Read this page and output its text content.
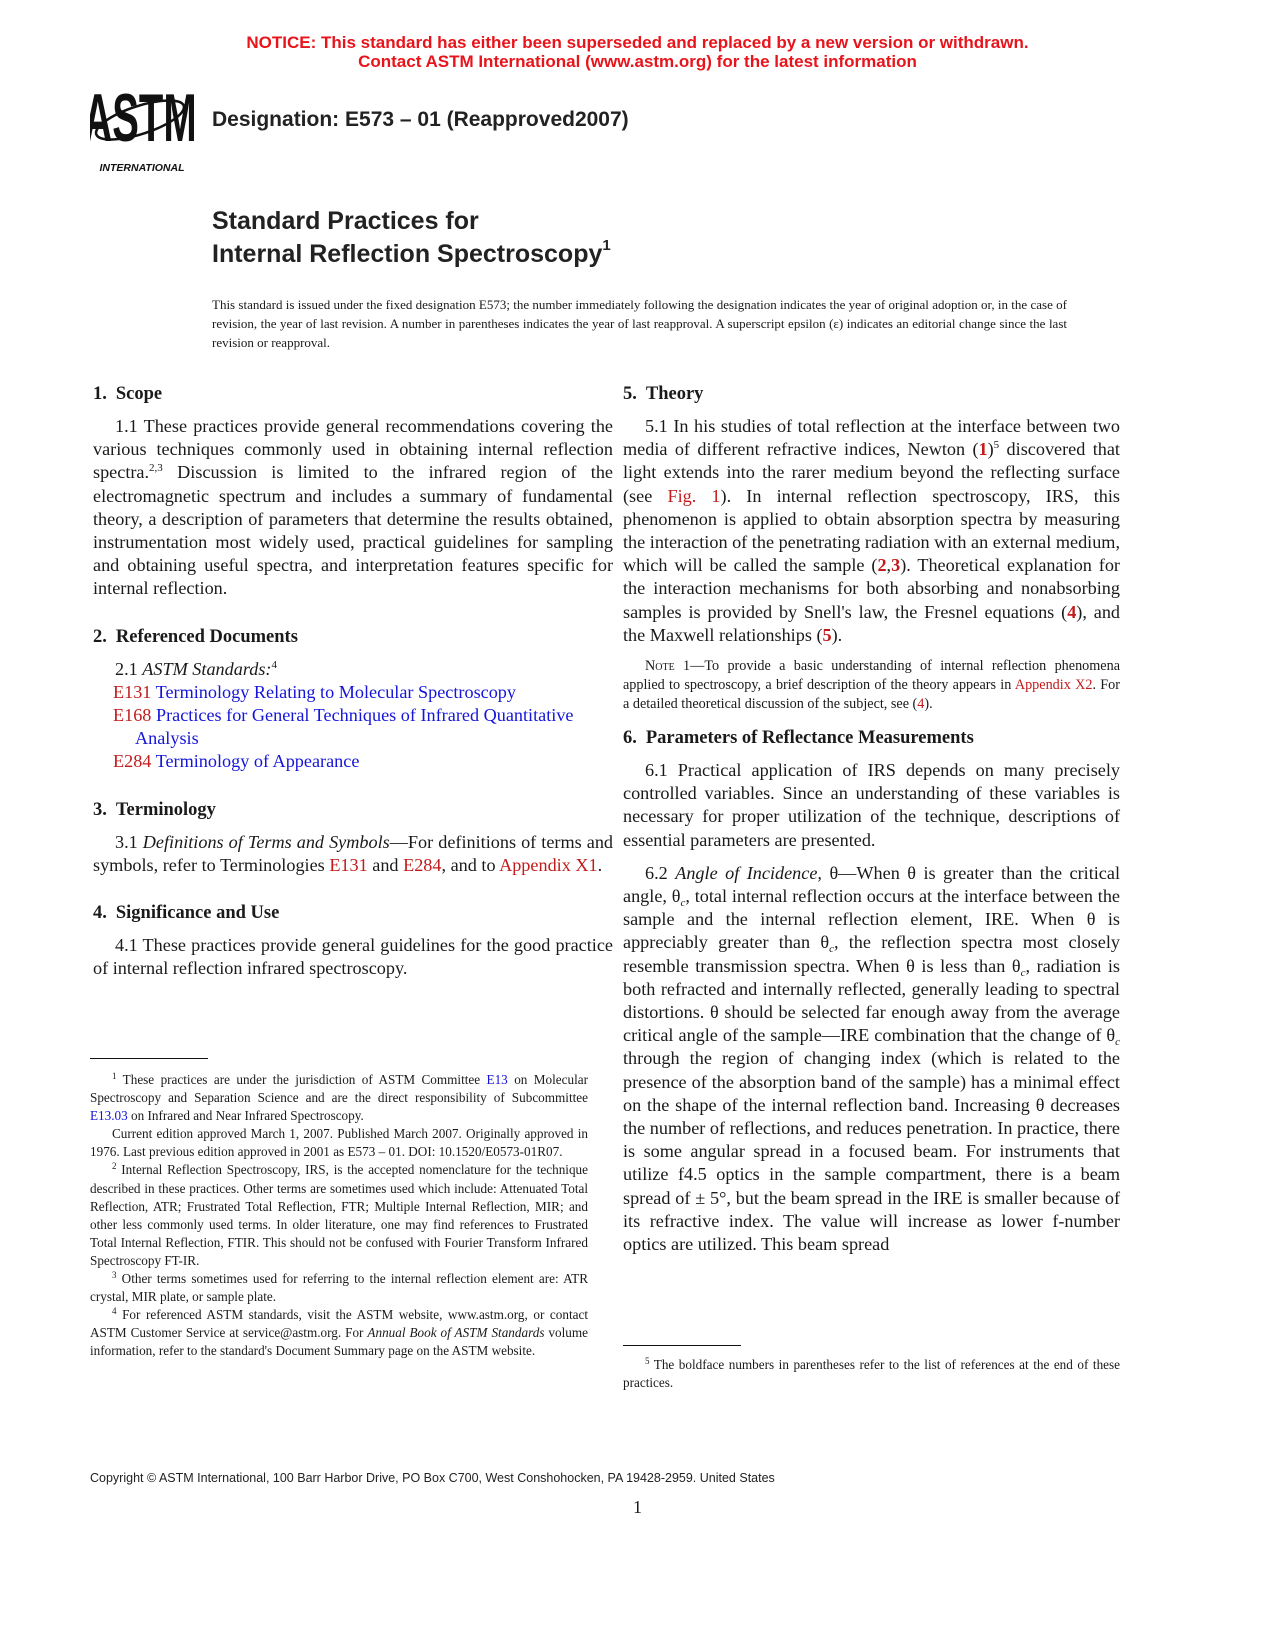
NOTICE: This standard has either been superseded and replaced by a new version or withdrawn.
Contact ASTM International (www.astm.org) for the latest information
ASTM
INTERNATIONAL
Designation: E573 – 01 (Reapproved2007)
Standard Practices for
Internal Reflection Spectroscopy$^1$
This standard is issued under the fixed designation E573; the number immediately following the designation indicates the year of original adoption or, in the case of revision, the year of last revision. A number in parentheses indicates the year of last reapproval. A superscript epsilon (ε) indicates an editorial change since the last revision or reapproval.
1. Scope

1.1 These practices provide general recommendations covering the various techniques commonly used in obtaining internal reflection spectra.$^{2,3}$ Discussion is limited to the infrared region of the electromagnetic spectrum and includes a summary of fundamental theory, a description of parameters that determine the results obtained, instrumentation most widely used, practical guidelines for sampling and obtaining useful spectra, and interpretation features specific for internal reflection.

2. Referenced Documents

2.1 ASTM Standards:$^4$

E131 Terminology Relating to Molecular Spectroscopy
E168 Practices for General Techniques of Infrared Quantitative Analysis
E284 Terminology of Appearance
3. Terminology

3.1 Definitions of Terms and Symbols—For definitions of terms and symbols, refer to Terminologies E131 and E284, and to Appendix X1.

4. Significance and Use

4.1 These practices provide general guidelines for the good practice of internal reflection infrared spectroscopy.

$^1$ These practices are under the jurisdiction of ASTM Committee E13 on Molecular Spectroscopy and Separation Science and are the direct responsibility of Subcommittee E13.03 on Infrared and Near Infrared Spectroscopy.

Current edition approved March 1, 2007. Published March 2007. Originally approved in 1976. Last previous edition approved in 2001 as E573 – 01. DOI: 10.1520/E0573-01R07.

$^2$ Internal Reflection Spectroscopy, IRS, is the accepted nomenclature for the technique described in these practices. Other terms are sometimes used which include: Attenuated Total Reflection, ATR; Frustrated Total Reflection, FTR; Multiple Internal Reflection, MIR; and other less commonly used terms. In older literature, one may find references to Frustrated Total Internal Reflection, FTIR. This should not be confused with Fourier Transform Infrared Spectroscopy FT-IR.

$^3$ Other terms sometimes used for referring to the internal reflection element are: ATR crystal, MIR plate, or sample plate.

$^4$ For referenced ASTM standards, visit the ASTM website, www.astm.org, or contact ASTM Customer Service at service@astm.org. For Annual Book of ASTM Standards volume information, refer to the standard's Document Summary page on the ASTM website.

5. Theory

5.1 In his studies of total reflection at the interface between two media of different refractive indices, Newton $(1)^5$ discovered that light extends into the rarer medium beyond the reflecting surface (see Fig. 1). In internal reflection spectroscopy, IRS, this phenomenon is applied to obtain absorption spectra by measuring the interaction of the penetrating radiation with an external medium, which will be called the sample (2,3). Theoretical explanation for the interaction mechanisms for both absorbing and nonabsorbing samples is provided by Snell's law, the Fresnel equations (4), and the Maxwell relationships (5).

Note 1—To provide a basic understanding of internal reflection phenomena applied to spectroscopy, a brief description of the theory appears in Appendix X2. For a detailed theoretical discussion of the subject, see (4).
6. Parameters of Reflectance Measurements

6.1 Practical application of IRS depends on many precisely controlled variables. Since an understanding of these variables is necessary for proper utilization of the technique, descriptions of essential parameters are presented.

6.2 Angle of Incidence, θ—When θ is greater than the critical angle, $\theta_c$, total internal reflection occurs at the interface between the sample and the internal reflection element, IRE. When θ is appreciably greater than $\theta_c$, the reflection spectra most closely resemble transmission spectra. When θ is less than $\theta_c$, radiation is both refracted and internally reflected, generally leading to spectral distortions. θ should be selected far enough away from the average critical angle of the sample—IRE combination that the change of $\theta_c$ through the region of changing index (which is related to the presence of the absorption band of the sample) has a minimal effect on the shape of the internal reflection band. Increasing θ decreases the number of reflections, and reduces penetration. In practice, there is some angular spread in a focused beam. For instruments that utilize f4.5 optics in the sample compartment, there is a beam spread of ± 5°, but the beam spread in the IRE is smaller because of its refractive index. The value will increase as lower f-number optics are utilized. This beam spread

$^5$ The boldface numbers in parentheses refer to the list of references at the end of these practices.

Copyright © ASTM International, 100 Barr Harbor Drive, PO Box C700, West Conshohocken, PA 19428-2959. United States
1
